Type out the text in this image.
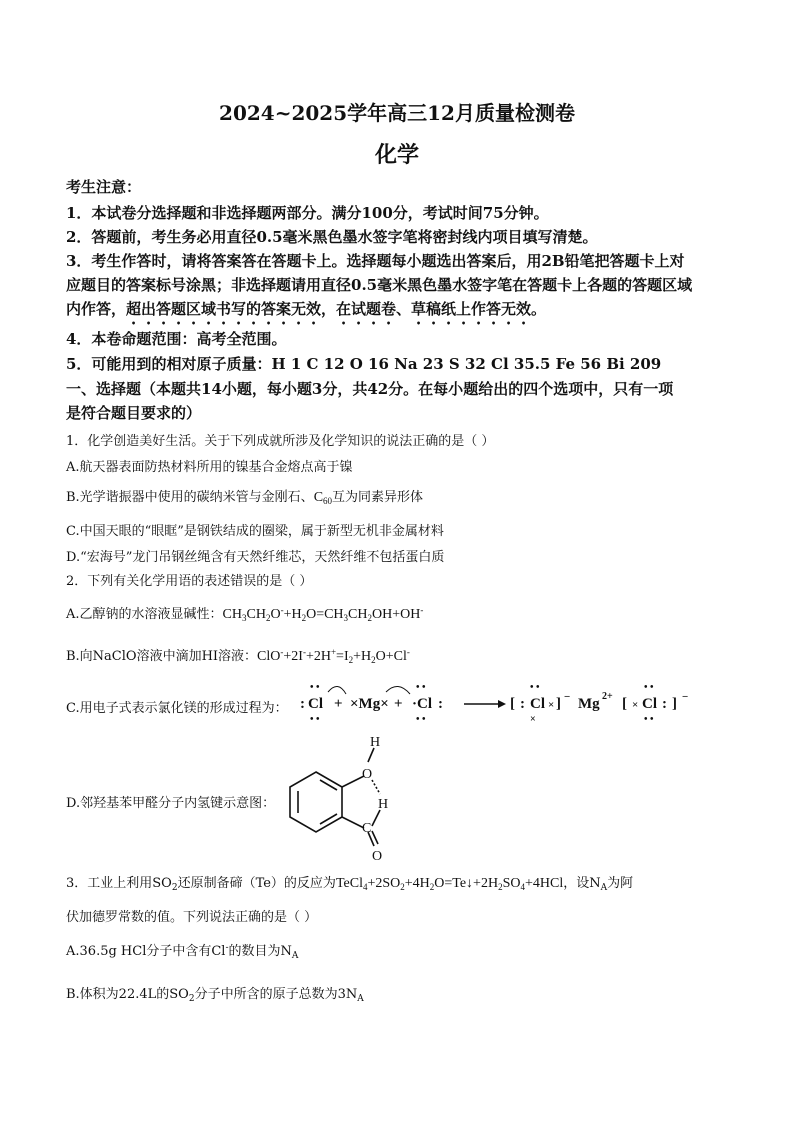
2024~2025学年高三12月质量检测卷
化学
考生注意：
1．本试卷分选择题和非选择题两部分。满分100分，考试时间75分钟。
2．答题前，考生务必用直径0.5毫米黑色墨水签字笔将密封线内项目填写清楚。
3．考生作答时，请将答案答在答题卡上。选择题每小题选出答案后，用2B铅笔把答题卡上对
应题目的答案标号涂黑；非选择题请用直径0.5毫米黑色墨水签字笔在答题卡上各题的答题区域
内作答，超出答题区域书写的答案无效，在试题卷、草稿纸上作答无效。
4．本卷命题范围：高考全范围。
5．可能用到的相对原子质量：H 1 C 12 O 16 Na 23 S 32 Cl 35.5 Fe 56 Bi 209
一、选择题（本题共14小题，每小题3分，共42分。在每小题给出的四个选项中，只有一项
是符合题目要求的）
1．化学创造美好生活。关于下列成就所涉及化学知识的说法正确的是（ ）
A.航天器表面防热材料所用的镍基合金熔点高于镍
B.光学谐振器中使用的碳纳米管与金刚石、$C_{60}$互为同素异形体
C.中国天眼的“眼眶”是钢铁结成的圈梁，属于新型无机非金属材料
D.“宏海号”龙门吊钢丝绳含有天然纤维芯，天然纤维不包括蛋白质
2．下列有关化学用语的表述错误的是（ ）
A.乙醇钠的水溶液显碱性：$CH_3CH_2O^-+H_2O=CH_3CH_2OH+OH^-$
B.向NaClO溶液中滴加HI溶液：$ClO^-+2I^-+2H^+=I_2+H_2O+Cl^-$
C.用电子式表示氯化镁的形成过程为： : Cl
• •
• •
+ ×Mg× + ·Cl :
• •
• •
[ : Cl × ]
• •
×
− Mg 2+ [ × Cl : ]
• •
• •
−
D.邻羟基苯甲醛分子内氢键示意图：
H
O
H
C
O
3．工业上利用$SO_2$还原制备碲（Te）的反应为$TeCl_4+2SO_2+4H_2O=Te↓+2H_2SO_4+4HCl$，设$N_A$为阿
伏加德罗常数的值。下列说法正确的是（ ）
A.36.5g HCl分子中含有Cl-的数目为$N_A$
B.体积为22.4L的$SO_2$分子中所含的原子总数为$3N_A$
